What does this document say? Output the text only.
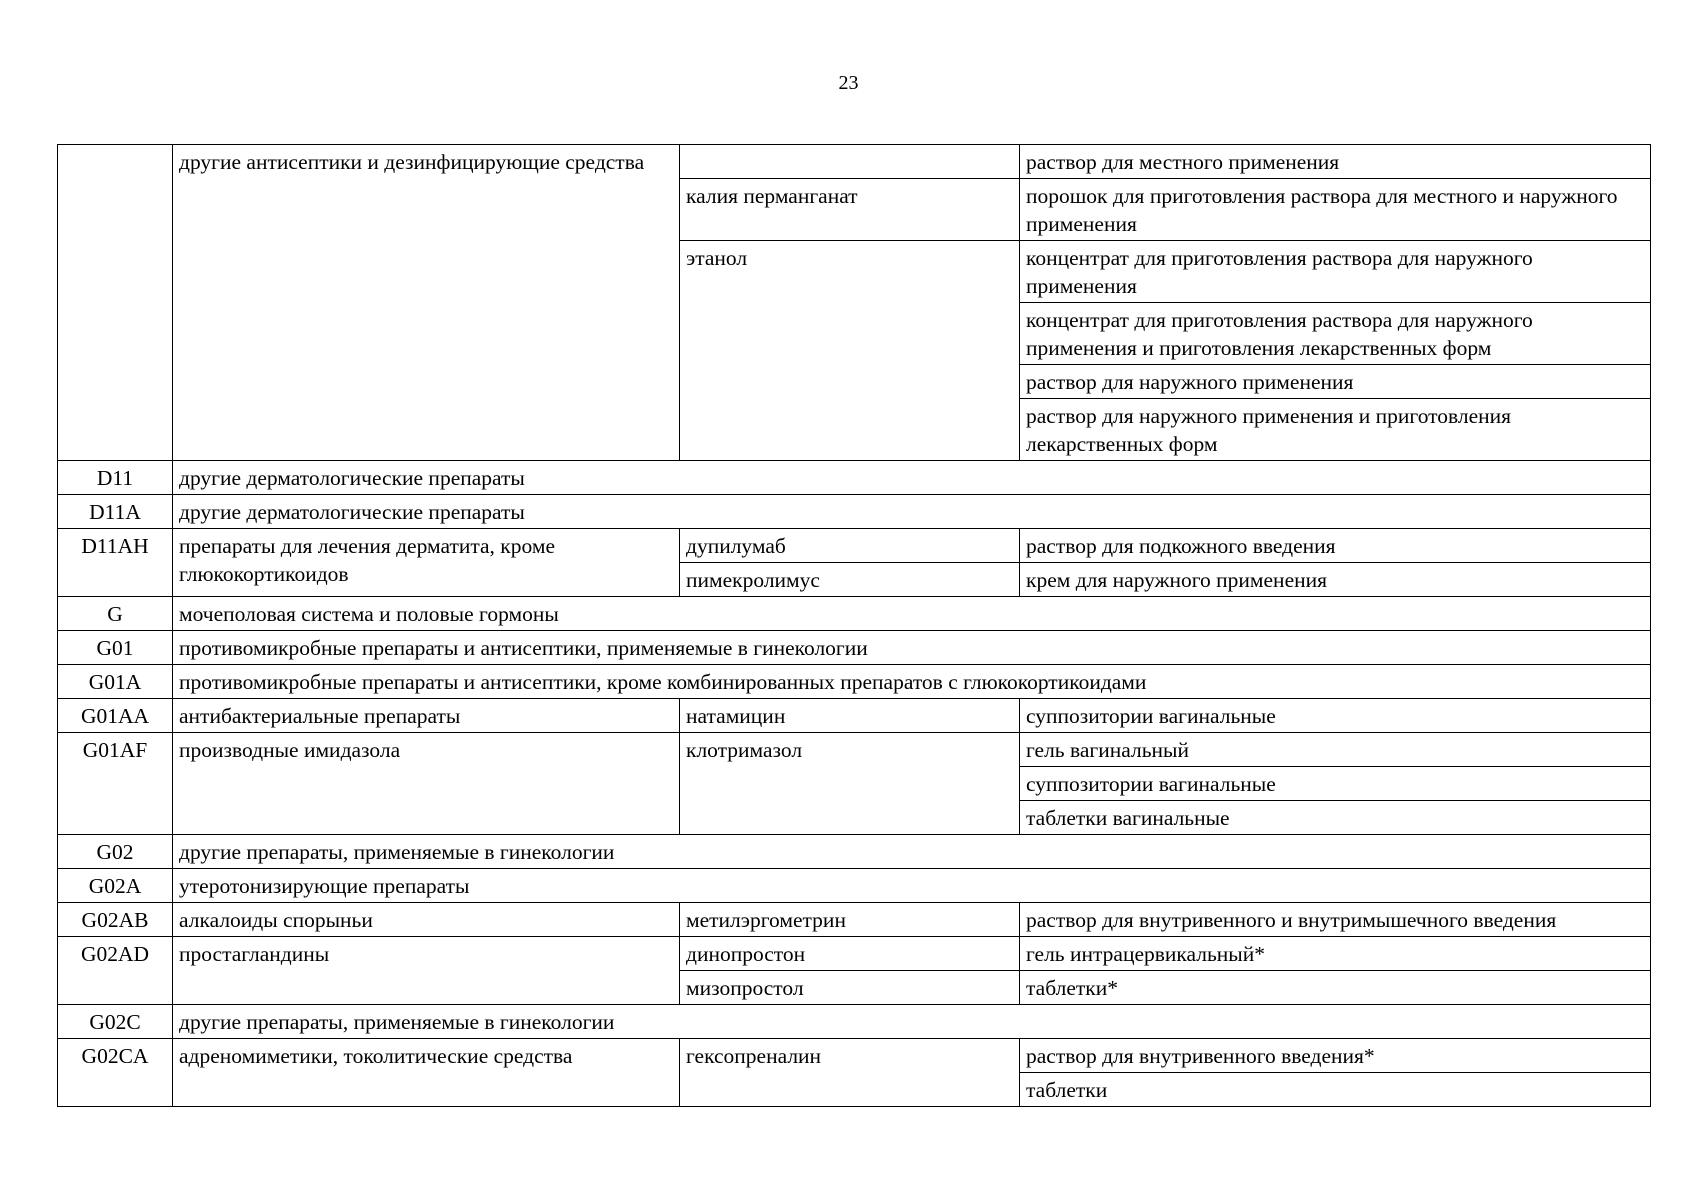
23
	другие антисептики и дезинфицирующие средства		раствор для местного применения
		калия перманганат	порошок для приготовления раствора для местного и наружного применения
		этанол	концентрат для приготовления раствора для наружного применения
			концентрат для приготовления раствора для наружного применения и приготовления лекарственных форм
			раствор для наружного применения
			раствор для наружного применения и приготовления лекарственных форм
D11	другие дерматологические препараты		
D11A	другие дерматологические препараты		
D11AH	препараты для лечения дерматита, кроме глюкокортикоидов	дупилумаб	раствор для подкожного введения
		пимекролимус	крем для наружного применения
G	мочеполовая система и половые гормоны		
G01	противомикробные препараты и антисептики, применяемые в гинекологии		
G01A	противомикробные препараты и антисептики, кроме комбинированных препаратов с глюкокортикоидами		
G01AA	антибактериальные препараты	натамицин	суппозитории вагинальные
G01AF	производные имидазола	клотримазол	гель вагинальный
			суппозитории вагинальные
			таблетки вагинальные
G02	другие препараты, применяемые в гинекологии		
G02A	утеротонизирующие препараты		
G02AB	алкалоиды спорыньи	метилэргометрин	раствор для внутривенного и внутримышечного введения
G02AD	простагландины	динопростон	гель интрацервикальный*
		мизопростол	таблетки*
G02C	другие препараты, применяемые в гинекологии		
G02CA	адреномиметики, токолитические средства	гексопреналин	раствор для внутривенного введения*
			таблетки
